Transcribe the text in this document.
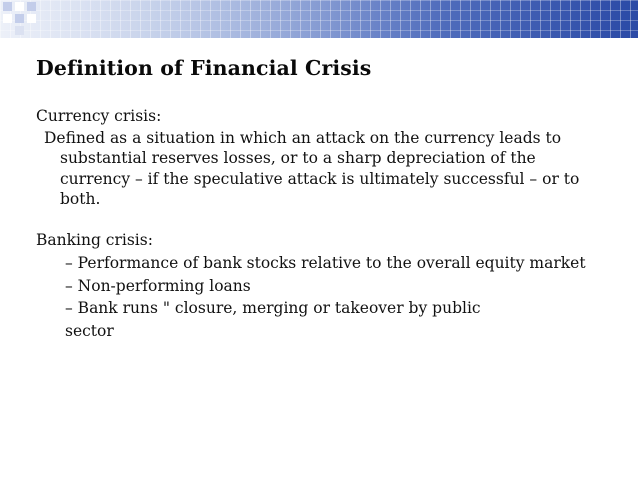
Definition of Financial Crisis
Currency crisis:
Defined as a situation in which an attack on the currency leads to substantial reserves losses, or to a sharp depreciation of the currency – if the speculative attack is ultimately successful – or to both.
Banking crisis:
– Performance of bank stocks relative to the overall equity market
– Non-performing loans
– Bank runs " closure, merging or takeover by public
sector
